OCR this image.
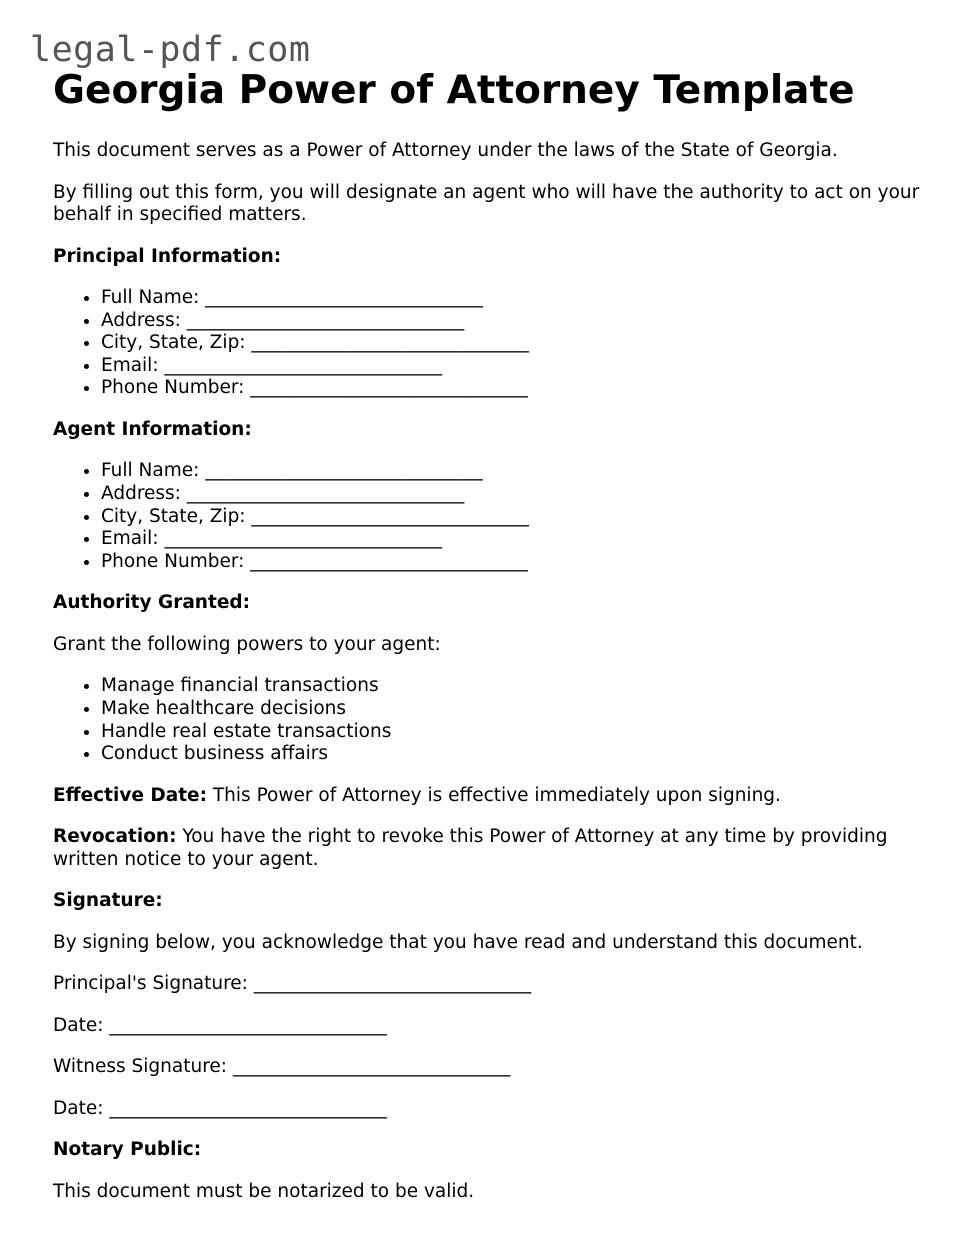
legal-pdf.com
Georgia Power of Attorney Template

This document serves as a Power of Attorney under the laws of the State of Georgia.

By filling out this form, you will designate an agent who will have the authority to act on your behalf in specified matters.

Principal Information:

• Full Name: ______________________________
• Address: ______________________________
• City, State, Zip: ______________________________
• Email: ______________________________
• Phone Number: ______________________________

Agent Information:

• Full Name: ______________________________
• Address: ______________________________
• City, State, Zip: ______________________________
• Email: ______________________________
• Phone Number: ______________________________

Authority Granted:

Grant the following powers to your agent:

• Manage financial transactions
• Make healthcare decisions
• Handle real estate transactions
• Conduct business affairs

Effective Date: This Power of Attorney is effective immediately upon signing.

Revocation: You have the right to revoke this Power of Attorney at any time by providing written notice to your agent.

Signature:

By signing below, you acknowledge that you have read and understand this document.

Principal's Signature: ______________________________

Date: ______________________________

Witness Signature: ______________________________

Date: ______________________________

Notary Public:

This document must be notarized to be valid.
